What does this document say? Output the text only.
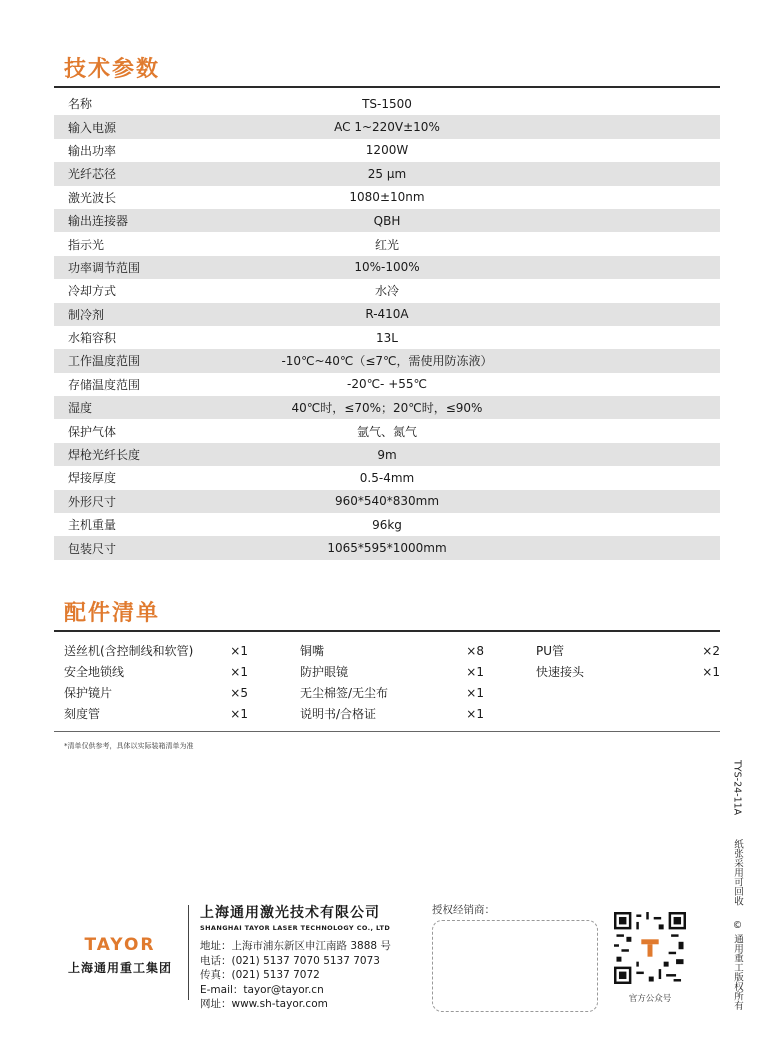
技术参数
名称	TS-1500
输入电源	AC 1~220V±10%
输出功率	1200W
光纤芯径	25 μm
激光波长	1080±10nm
输出连接器	QBH
指示光	红光
功率调节范围	10%-100%
冷却方式	水冷
制冷剂	R-410A
水箱容积	13L
工作温度范围	-10℃~40℃（≤7℃，需使用防冻液）
存储温度范围	-20℃- +55℃
湿度	40℃时，≤70%；20℃时，≤90%
保护气体	氩气、氮气
焊枪光纤长度	9m
焊接厚度	0.5-4mm
外形尺寸	960*540*830mm
主机重量	96kg
包装尺寸	1065*595*1000mm
配件清单
送丝机(含控制线和软管)	×1
安全地锁线	×1
保护镜片	×5
刻度管	×1
铜嘴	×8
防护眼镜	×1
无尘棉签/无尘布	×1
说明书/合格证	×1
PU管	×2
快速接头	×1
*清单仅供参考，具体以实际装箱清单为准
TYS-24-11A
纸张采用可回收
© 通用重工版权所有
TAYOR
上海通用重工集团
上海通用激光技术有限公司
SHANGHAI TAYOR LASER TECHNOLOGY CO., LTD
地址：上海市浦东新区申江南路 3888 号
电话：(021) 5137 7070 5137 7073
传真：(021) 5137 7072
E-mail：tayor@tayor.cn
网址：www.sh-tayor.com
授权经销商：
官方公众号
